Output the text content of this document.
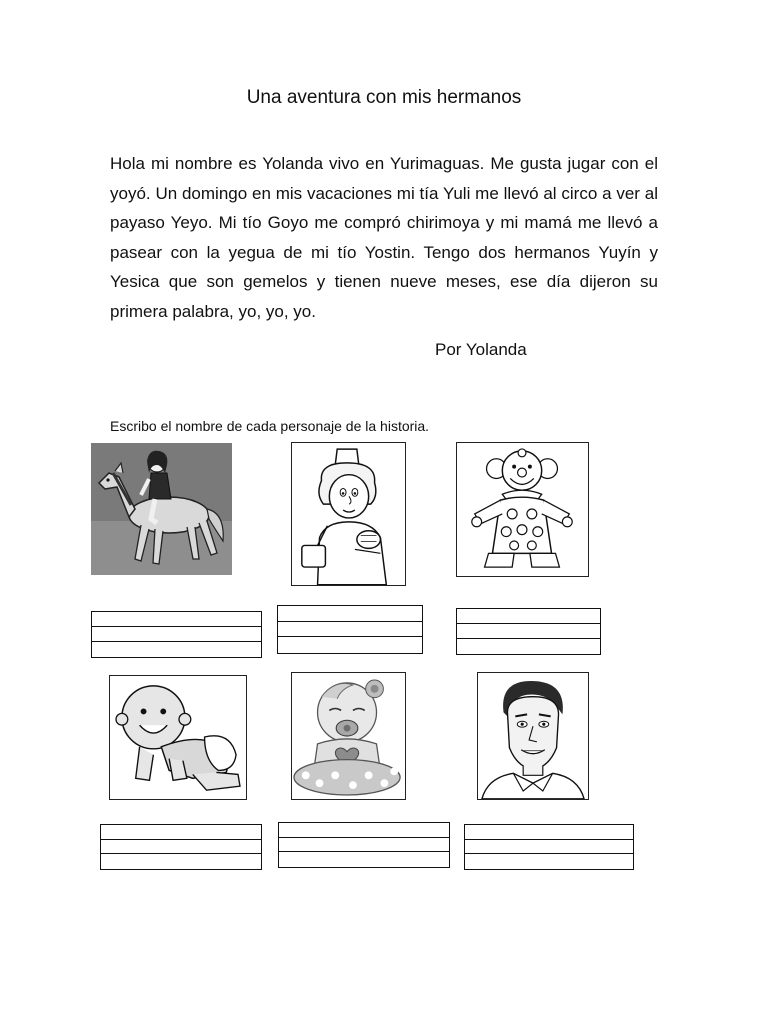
Una aventura con mis hermanos

Hola mi nombre es Yolanda vivo en Yurimaguas. Me gusta jugar con el yoyó. Un domingo en mis vacaciones mi tía Yuli me llevó al circo a ver al payaso Yeyo. Mi tío Goyo me compró chirimoya y mi mamá me llevó a pasear con la yegua de mi tío Yostin. Tengo dos hermanos Yuyín y Yesica que son gemelos y tienen nueve meses, ese día dijeron su primera palabra, yo, yo, yo.

Por Yolanda
Escribo el nombre de cada personaje de la historia.
